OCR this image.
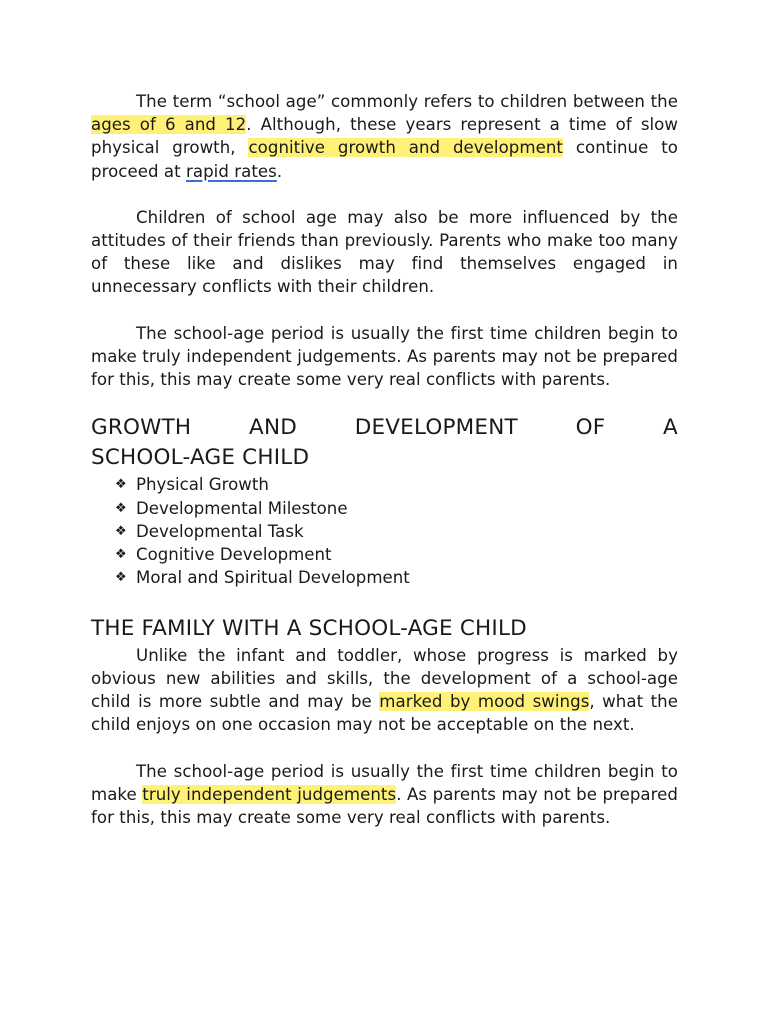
The term “school age” commonly refers to children between the ages of 6 and 12. Although, these years represent a time of slow physical growth, cognitive growth and development continue to proceed at rapid rates.

Children of school age may also be more influenced by the attitudes of their friends than previously. Parents who make too many of these like and dislikes may find themselves engaged in unnecessary conflicts with their children.

The school-age period is usually the first time children begin to make truly independent judgements. As parents may not be prepared for this, this may create some very real conflicts with parents.

GROWTH	AND	DEVELOPMENT	OF	A
SCHOOL-AGE CHILD
❖ Physical Growth
❖ Developmental Milestone
❖ Developmental Task
❖ Cognitive Development
❖ Moral and Spiritual Development
THE FAMILY WITH A SCHOOL-AGE CHILD

Unlike the infant and toddler, whose progress is marked by obvious new abilities and skills, the development of a school-age child is more subtle and may be marked by mood swings, what the child enjoys on one occasion may not be acceptable on the next.

The school-age period is usually the first time children begin to make truly independent judgements. As parents may not be prepared for this, this may create some very real conflicts with parents.
